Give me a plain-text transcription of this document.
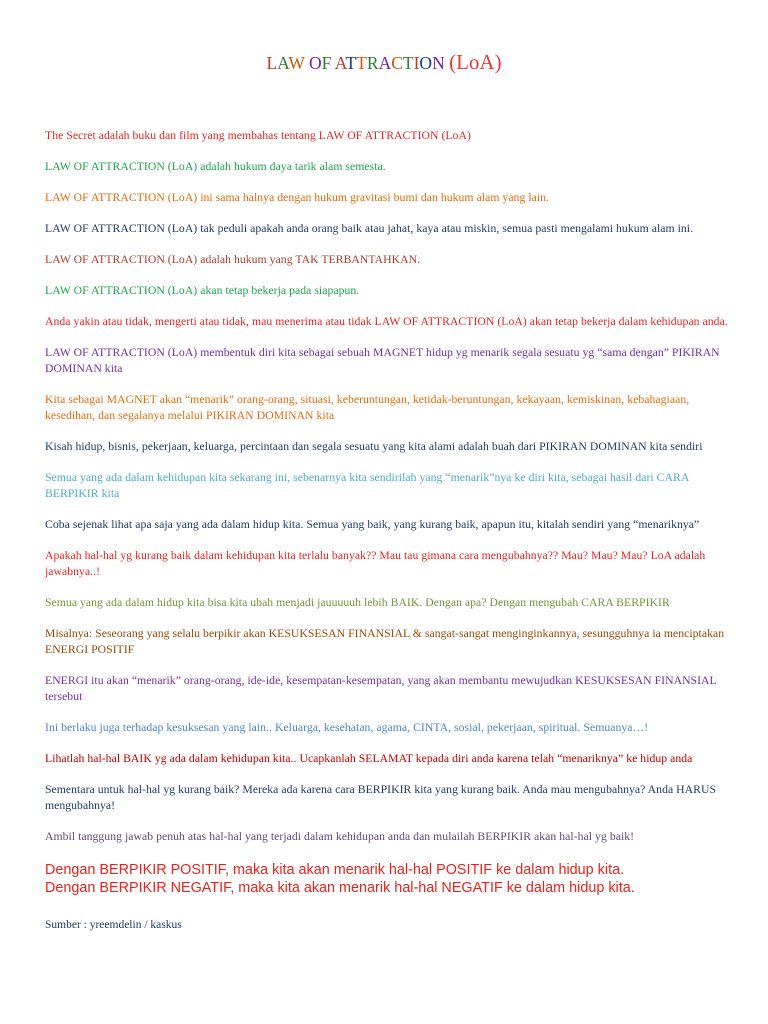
LAW OF ATTRACTION (LoA)

The Secret adalah buku dan film yang membahas tentang LAW OF ATTRACTION (LoA)

LAW OF ATTRACTION (LoA) adalah hukum daya tarik alam semesta.

LAW OF ATTRACTION (LoA) ini sama halnya dengan hukum gravitasi bumi dan hukum alam yang lain.

LAW OF ATTRACTION (LoA) tak peduli apakah anda orang baik atau jahat, kaya atau miskin, semua pasti mengalami hukum alam ini.

LAW OF ATTRACTION (LoA) adalah hukum yang TAK TERBANTAHKAN.

LAW OF ATTRACTION (LoA) akan tetap bekerja pada siapapun.

Anda yakin atau tidak, mengerti atau tidak, mau menerima atau tidak LAW OF ATTRACTION (LoA) akan tetap bekerja dalam kehidupan anda.

LAW OF ATTRACTION (LoA) membentuk diri kita sebagai sebuah MAGNET hidup yg menarik segala sesuatu yg “sama dengan” PIKIRAN DOMINAN kita

Kita sebagai MAGNET akan “menarik” orang-orang, situasi, keberuntungan, ketidak-beruntungan, kekayaan, kemiskinan, kebahagiaan, kesedihan, dan segalanya melalui PIKIRAN DOMINAN kita

Kisah hidup, bisnis, pekerjaan, keluarga, percintaan dan segala sesuatu yang kita alami adalah buah dari PIKIRAN DOMINAN kita sendiri

Semua yang ada dalam kehidupan kita sekarang ini, sebenarnya kita sendirilah yang “menarik”nya ke diri kita, sebagai hasil dari CARA BERPIKIR kita

Coba sejenak lihat apa saja yang ada dalam hidup kita. Semua yang baik, yang kurang baik, apapun itu, kitalah sendiri yang “menariknya”

Apakah hal-hal yg kurang baik dalam kehidupan kita terlalu banyak?? Mau tau gimana cara mengubahnya?? Mau? Mau? Mau? LoA adalah jawabnya..!

Semua yang ada dalam hidup kita bisa kita ubah menjadi jauuuuuh lebih BAIK. Dengan apa? Dengan mengubah CARA BERPIKIR

Misalnya: Seseorang yang selalu berpikir akan KESUKSESAN FINANSIAL & sangat-sangat menginginkannya, sesungguhnya ia menciptakan ENERGI POSITIF

ENERGI itu akan “menarik” orang-orang, ide-ide, kesempatan-kesempatan, yang akan membantu mewujudkan KESUKSESAN FINANSIAL tersebut

Ini berlaku juga terhadap kesuksesan yang lain.. Keluarga, kesehatan, agama, CINTA, sosial, pekerjaan, spiritual. Semuanya…!

Lihatlah hal-hal BAIK yg ada dalam kehidupan kita.. Ucapkanlah SELAMAT kepada diri anda karena telah “menariknya” ke hidup anda

Sementara untuk hal-hal yg kurang baik? Mereka ada karena cara BERPIKIR kita yang kurang baik. Anda mau mengubahnya? Anda HARUS mengubahnya!

Ambil tanggung jawab penuh atas hal-hal yang terjadi dalam kehidupan anda dan mulailah BERPIKIR akan hal-hal yg baik!

Dengan BERPIKIR POSITIF, maka kita akan menarik hal-hal POSITIF ke dalam hidup kita.
Dengan BERPIKIR NEGATIF, maka kita akan menarik hal-hal NEGATIF ke dalam hidup kita.
Sumber : yreemdelin / kaskus
